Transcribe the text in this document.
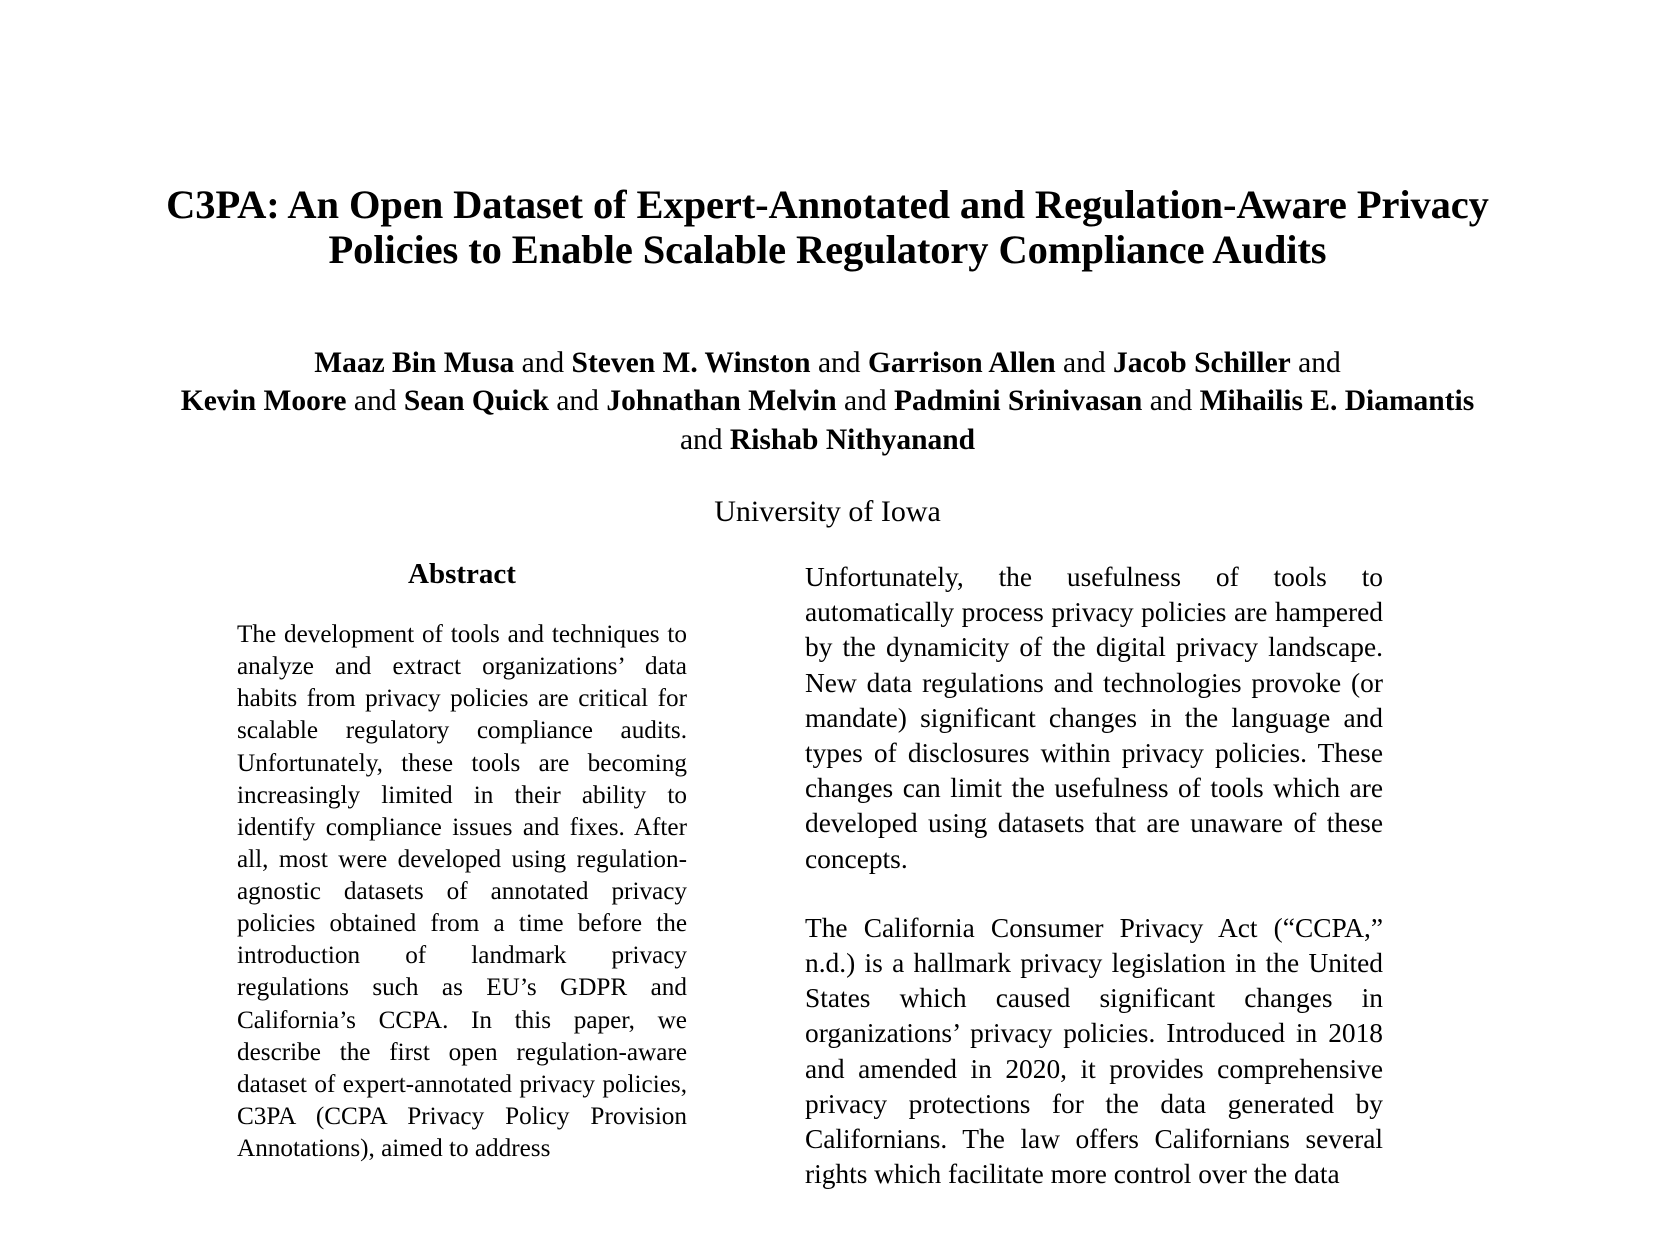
C3PA: An Open Dataset of Expert-Annotated and Regulation-Aware Privacy Policies to Enable Scalable Regulatory Compliance Audits
Maaz Bin Musa and Steven M. Winston and Garrison Allen and Jacob Schiller and
Kevin Moore and Sean Quick and Johnathan Melvin and Padmini Srinivasan and Mihailis E. Diamantis
and Rishab Nithyanand
University of Iowa
Abstract

The development of tools and techniques to analyze and extract organizations’ data habits from privacy policies are critical for scalable regulatory compliance audits. Unfortunately, these tools are becoming increasingly limited in their ability to identify compliance issues and fixes. After all, most were developed using regulation-agnostic datasets of annotated privacy policies obtained from a time before the introduction of landmark privacy regulations such as EU’s GDPR and California’s CCPA. In this paper, we describe the first open regulation-aware dataset of expert-annotated privacy policies, C3PA (CCPA Privacy Policy Provision Annotations), aimed to address

Unfortunately, the usefulness of tools to automatically process privacy policies are hampered by the dynamicity of the digital privacy landscape. New data regulations and technologies provoke (or mandate) significant changes in the language and types of disclosures within privacy policies. These changes can limit the usefulness of tools which are developed using datasets that are unaware of these concepts.

The California Consumer Privacy Act (“CCPA,” n.d.) is a hallmark privacy legislation in the United States which caused significant changes in organizations’ privacy policies. Introduced in 2018 and amended in 2020, it provides comprehensive privacy protections for the data generated by Californians. The law offers Californians several rights which facilitate more control over the data
